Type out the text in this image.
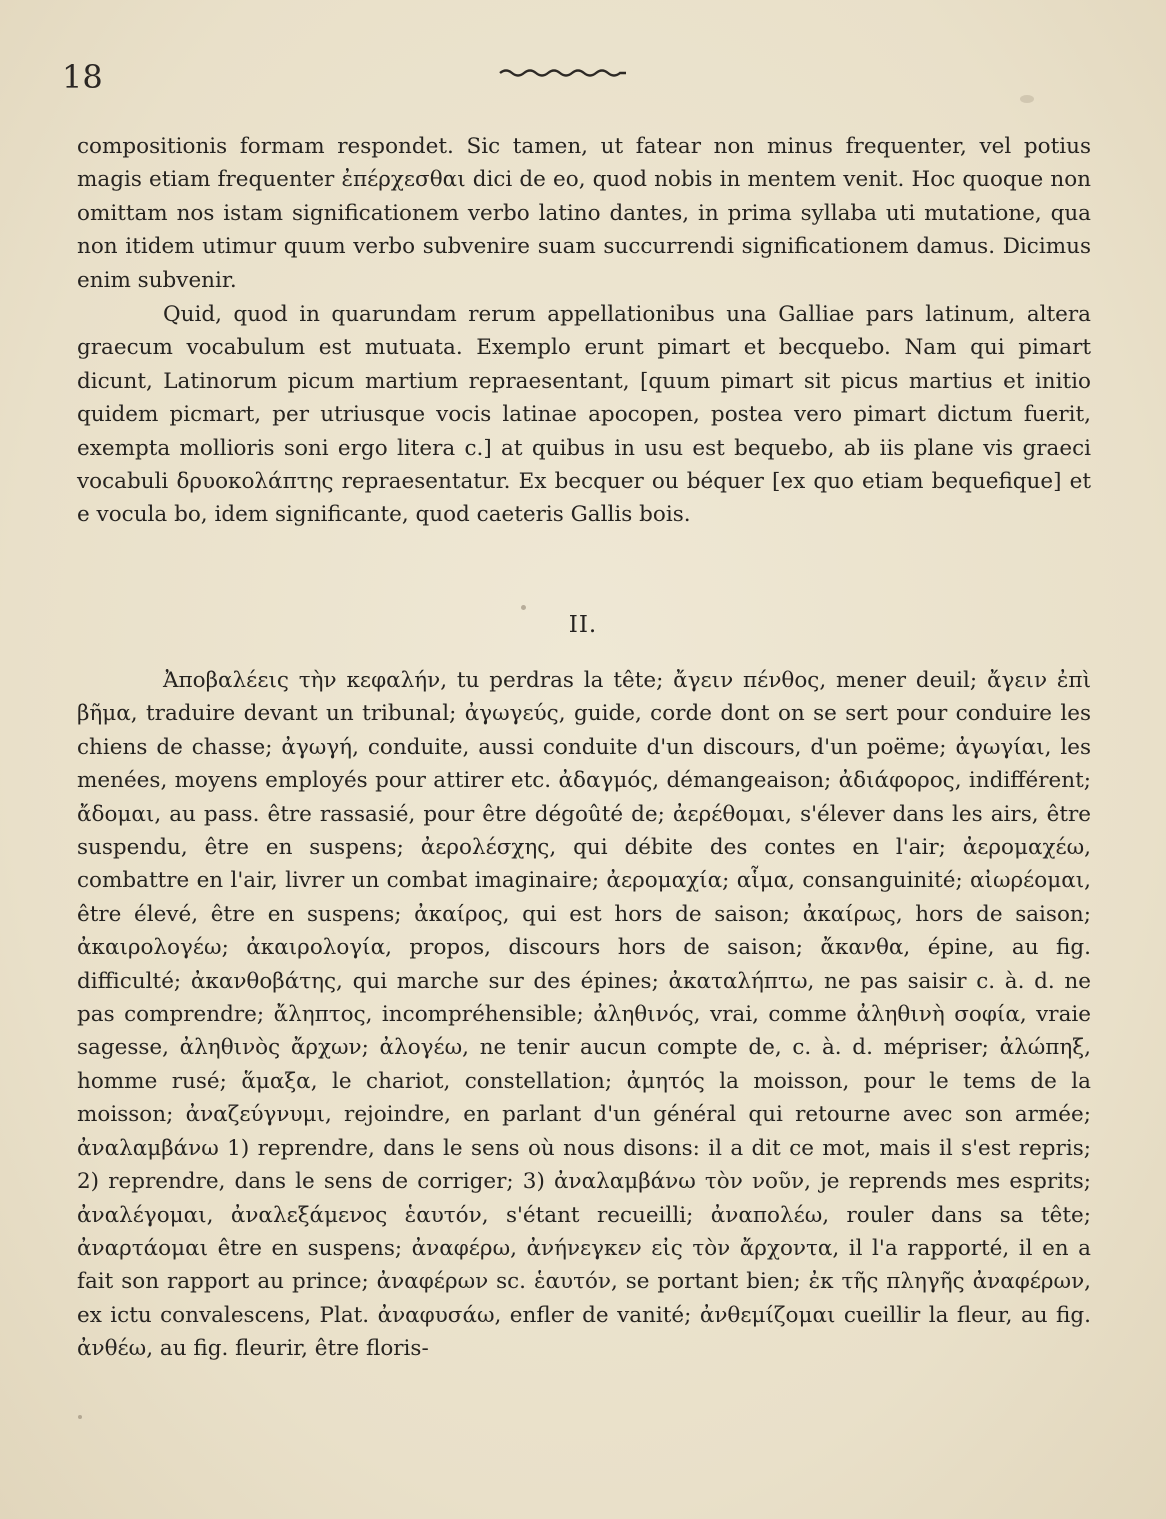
18

compositionis formam respondet. Sic tamen, ut fatear non minus frequenter, vel potius magis etiam frequenter ἐπέρχεσθαι dici de eo, quod nobis in mentem venit. Hoc quoque non omittam nos istam significationem verbo latino dantes, in prima syllaba uti mutatione, qua non itidem utimur quum verbo subvenire suam succurrendi significationem damus. Dicimus enim subvenir.

Quid, quod in quarundam rerum appellationibus una Galliae pars latinum, altera graecum vocabulum est mutuata. Exemplo erunt pimart et becquebo. Nam qui pimart dicunt, Latinorum picum martium repraesentant, [quum pimart sit picus martius et initio quidem picmart, per utriusque vocis latinae apocopen, postea vero pimart dictum fuerit, exempta mollioris soni ergo litera c.] at quibus in usu est bequebo, ab iis plane vis graeci vocabuli δρυοκολάπτης repraesentatur. Ex becquer ou béquer [ex quo etiam bequefique] et e vocula bo, idem significante, quod caeteris Gallis bois.

II.

Ἀποβαλέεις τὴν κεφαλήν, tu perdras la tête; ἄγειν πένθος, mener deuil; ἄγειν ἐπὶ βῆμα, traduire devant un tribunal; ἀγωγεύς, guide, corde dont on se sert pour conduire les chiens de chasse; ἀγωγή, conduite, aussi conduite d'un discours, d'un poëme; ἀγωγίαι, les menées, moyens employés pour attirer etc. ἀδαγμός, démangeaison; ἀδιάφορος, indifférent; ἄδομαι, au pass. être rassasié, pour être dégoûté de; ἀερέθομαι, s'élever dans les airs, être suspendu, être en suspens; ἀερολέσχης, qui débite des contes en l'air; ἀερομαχέω, combattre en l'air, livrer un combat imaginaire; ἀερομαχία; αἷμα, consanguinité; αἰωρέομαι, être élevé, être en suspens; ἀκαίρος, qui est hors de saison; ἀκαίρως, hors de saison; ἀκαιρολογέω; ἀκαιρολογία, propos, discours hors de saison; ἄκανθα, épine, au fig. difficulté; ἀκανθοβάτης, qui marche sur des épines; ἀκαταλήπτω, ne pas saisir c. à. d. ne pas comprendre; ἄληπτος, incompréhensible; ἀληθινός, vrai, comme ἀληθινὴ σοφία, vraie sagesse, ἀληθινὸς ἄρχων; ἀλογέω, ne tenir aucun compte de, c. à. d. mépriser; ἀλώπηξ, homme rusé; ἅμαξα, le chariot, constellation; ἀμητός la moisson, pour le tems de la moisson; ἀναζεύγνυμι, rejoindre, en parlant d'un général qui retourne avec son armée; ἀναλαμβάνω 1) reprendre, dans le sens où nous disons: il a dit ce mot, mais il s'est repris; 2) reprendre, dans le sens de corriger; 3) ἀναλαμβάνω τὸν νοῦν, je reprends mes esprits; ἀναλέγομαι, ἀναλεξάμενος ἑαυτόν, s'étant recueilli; ἀναπολέω, rouler dans sa tête; ἀναρτάομαι être en suspens; ἀναφέρω, ἀνήνεγκεν εἰς τὸν ἄρχοντα, il l'a rapporté, il en a fait son rapport au prince; ἀναφέρων sc. ἑαυτόν, se portant bien; ἐκ τῆς πληγῆς ἀναφέρων, ex ictu convalescens, Plat. ἀναφυσάω, enfler de vanité; ἀνθεμίζομαι cueillir la fleur, au fig. ἀνθέω, au fig. fleurir, être floris-
